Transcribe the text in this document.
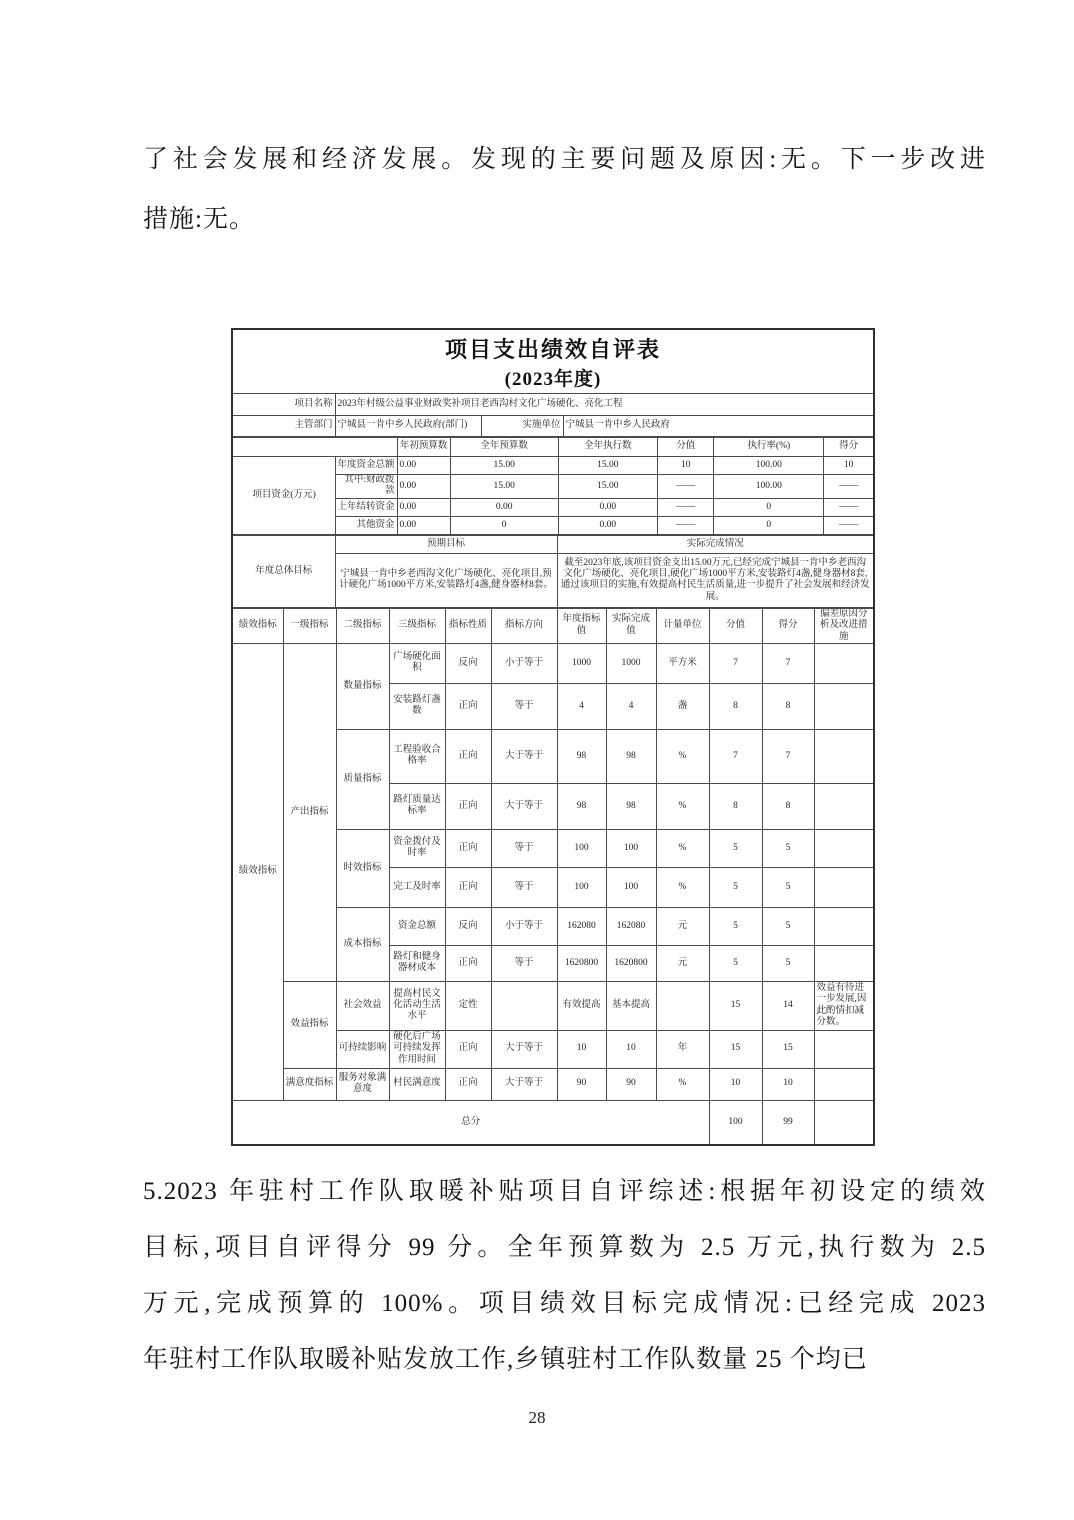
了社会发展和经济发展。发现的主要问题及原因:无。下一步改进
措施:无。
项目支出绩效自评表
(2023年度)
项目名称	2023年村级公益事业财政奖补项目老西沟村文化广场硬化、亮化工程
主管部门	宁城县一肯中乡人民政府(部门)	实施单位	宁城县一肯中乡人民政府
		年初预算数	全年预算数	全年执行数	分值	执行率(%)	得分
项目资金(万元)	年度资金总额	0.00	15.00	15.00	10	100.00	10
	其中:财政拨款	0.00	15.00	15.00	——	100.00	——
	上年结转资金	0.00	0.00	0.00	——	0	——
	其他资金	0.00	0	0.00	——	0	——
年度总体目标	预期目标	实际完成情况
	宁城县一肯中乡老西沟文化广场硬化、亮化项目,预计硬化广场1000平方米,安装路灯4盏,健身器材8套。	截至2023年底,该项目资金支出15.00万元,已经完成宁城县一肯中乡老西沟文化广场硬化、亮化项目,硬化广场1000平方米,安装路灯4盏,健身器材8套,通过该项目的实施,有效提高村民生活质量,进一步提升了社会发展和经济发展。
绩效指标	一级指标	二级指标	三级指标	指标性质	指标方向	年度指标值	实际完成值	计量单位	分值	得分	偏差原因分析及改进措施
绩效指标	产出指标	数量指标	广场硬化面积	反向	小于等于	1000	1000	平方米	7	7	
			安装路灯盏数	正向	等于	4	4	盏	8	8	
		质量指标	工程验收合格率	正向	大于等于	98	98	%	7	7	
			路灯质量达标率	正向	大于等于	98	98	%	8	8	
		时效指标	资金拨付及时率	正向	等于	100	100	%	5	5	
			完工及时率	正向	等于	100	100	%	5	5	
		成本指标	资金总额	反向	小于等于	162080	162080	元	5	5	
			路灯和健身器材成本	正向	等于	1620800	1620800	元	5	5	
	效益指标	社会效益	提高村民文化活动生活水平	定性		有效提高	基本提高		15	14	效益有待进一步发展,因此酌情扣减分数。
		可持续影响	硬化后广场可持续发挥作用时间	正向	大于等于	10	10	年	15	15	
	满意度指标	服务对象满意度	村民满意度	正向	大于等于	90	90	%	10	10	
总分									100	99	
5.2023 年驻村工作队取暖补贴项目自评综述:根据年初设定的绩效
目标,项目自评得分 99 分。全年预算数为 2.5 万元,执行数为 2.5
万元,完成预算的 100%。项目绩效目标完成情况:已经完成 2023
年驻村工作队取暖补贴发放工作,乡镇驻村工作队数量 25 个均已
28
